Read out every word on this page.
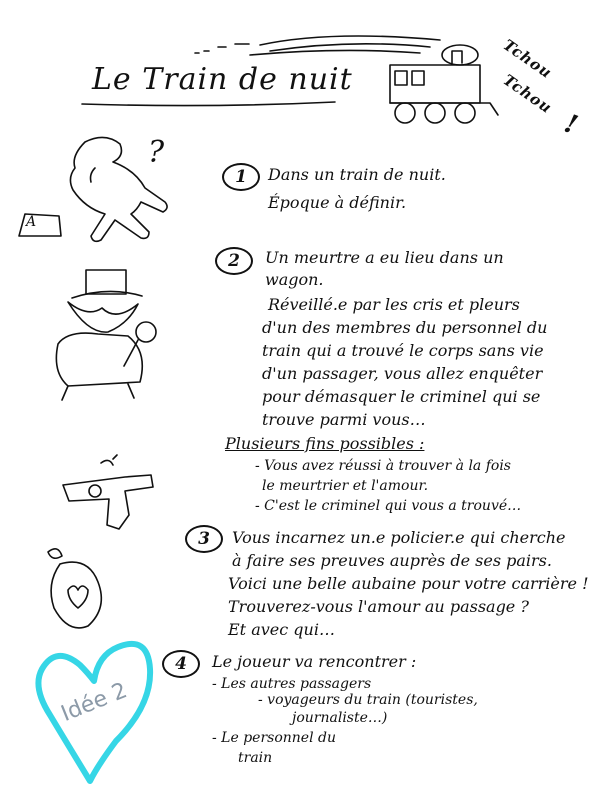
Le Train de nuit	Tchou
Tchou
!
?
A
Idée 2
1	Dans un train de nuit.
Époque à définir.
2	Un meurtre a eu lieu dans un
wagon.
Réveillé.e par les cris et pleurs
d'un des membres du personnel du
train qui a trouvé le corps sans vie
d'un passager, vous allez enquêter
pour démasquer le criminel qui se
trouve parmi vous…
Plusieurs fins possibles :
- Vous avez réussi à trouver à la fois
le meurtrier et l'amour.
- C'est le criminel qui vous a trouvé…
3	Vous incarnez un.e policier.e qui cherche
à faire ses preuves auprès de ses pairs.
Voici une belle aubaine pour votre carrière !
Trouverez-vous l'amour au passage ?
Et avec qui…
4	Le joueur va rencontrer :
- Les autres passagers
- voyageurs du train (touristes,
journaliste…)
- Le personnel du
train
